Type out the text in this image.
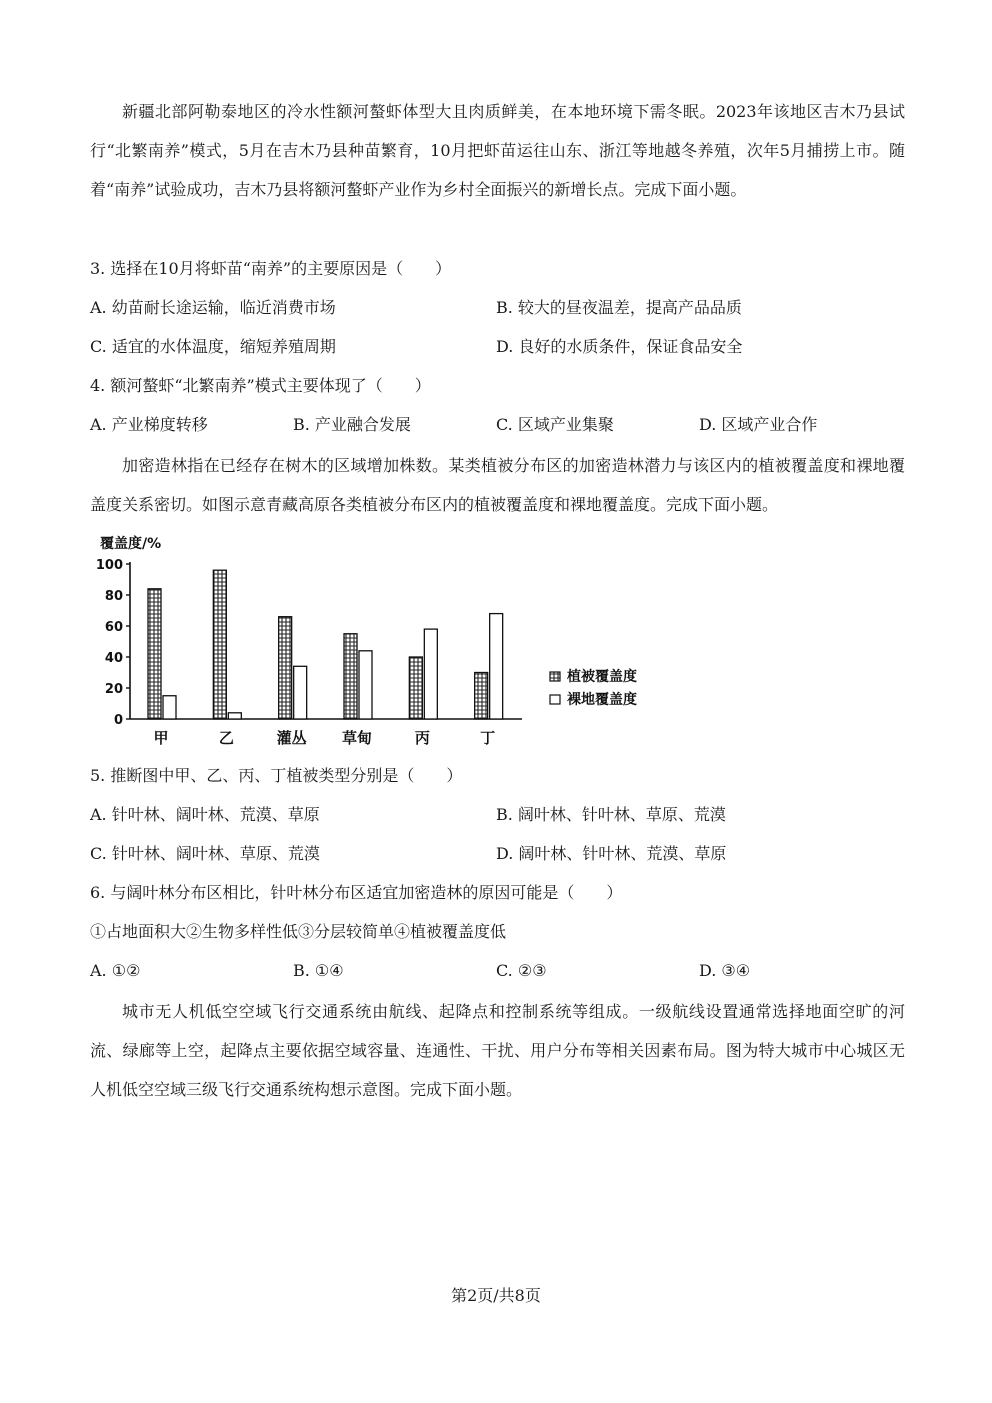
新疆北部阿勒泰地区的冷水性额河螯虾体型大且肉质鲜美，在本地环境下需冬眠。2023年该地区吉木乃县试行“北繁南养”模式，5月在吉木乃县种苗繁育，10月把虾苗运往山东、浙江等地越冬养殖，次年5月捕捞上市。随着“南养”试验成功，吉木乃县将额河螯虾产业作为乡村全面振兴的新增长点。完成下面小题。
3. 选择在10月将虾苗“南养”的主要原因是（　　）
A. 幼苗耐长途运输，临近消费市场	B. 较大的昼夜温差，提高产品品质
C. 适宜的水体温度，缩短养殖周期	D. 良好的水质条件，保证食品安全
4. 额河螯虾“北繁南养”模式主要体现了（　　）
A. 产业梯度转移	B. 产业融合发展	C. 区域产业集聚	D. 区域产业合作
加密造林指在已经存在树木的区域增加株数。某类植被分布区的加密造林潜力与该区内的植被覆盖度和裸地覆盖度关系密切。如图示意青藏高原各类植被分布区内的植被覆盖度和裸地覆盖度。完成下面小题。
覆盖度/%
0
20
40
60
80
100
甲	乙	灌丛 草甸	丙	丁
植被覆盖度
裸地覆盖度
5. 推断图中甲、乙、丙、丁植被类型分别是（　　）
A. 针叶林、阔叶林、荒漠、草原	B. 阔叶林、针叶林、草原、荒漠
C. 针叶林、阔叶林、草原、荒漠	D. 阔叶林、针叶林、荒漠、草原
6. 与阔叶林分布区相比，针叶林分布区适宜加密造林的原因可能是（　　）
①占地面积大②生物多样性低③分层较简单④植被覆盖度低
A. ①②	B. ①④	C. ②③	D. ③④
城市无人机低空空域飞行交通系统由航线、起降点和控制系统等组成。一级航线设置通常选择地面空旷的河流、绿廊等上空，起降点主要依据空域容量、连通性、干扰、用户分布等相关因素布局。图为特大城市中心城区无人机低空空域三级飞行交通系统构想示意图。完成下面小题。
第2页/共8页
